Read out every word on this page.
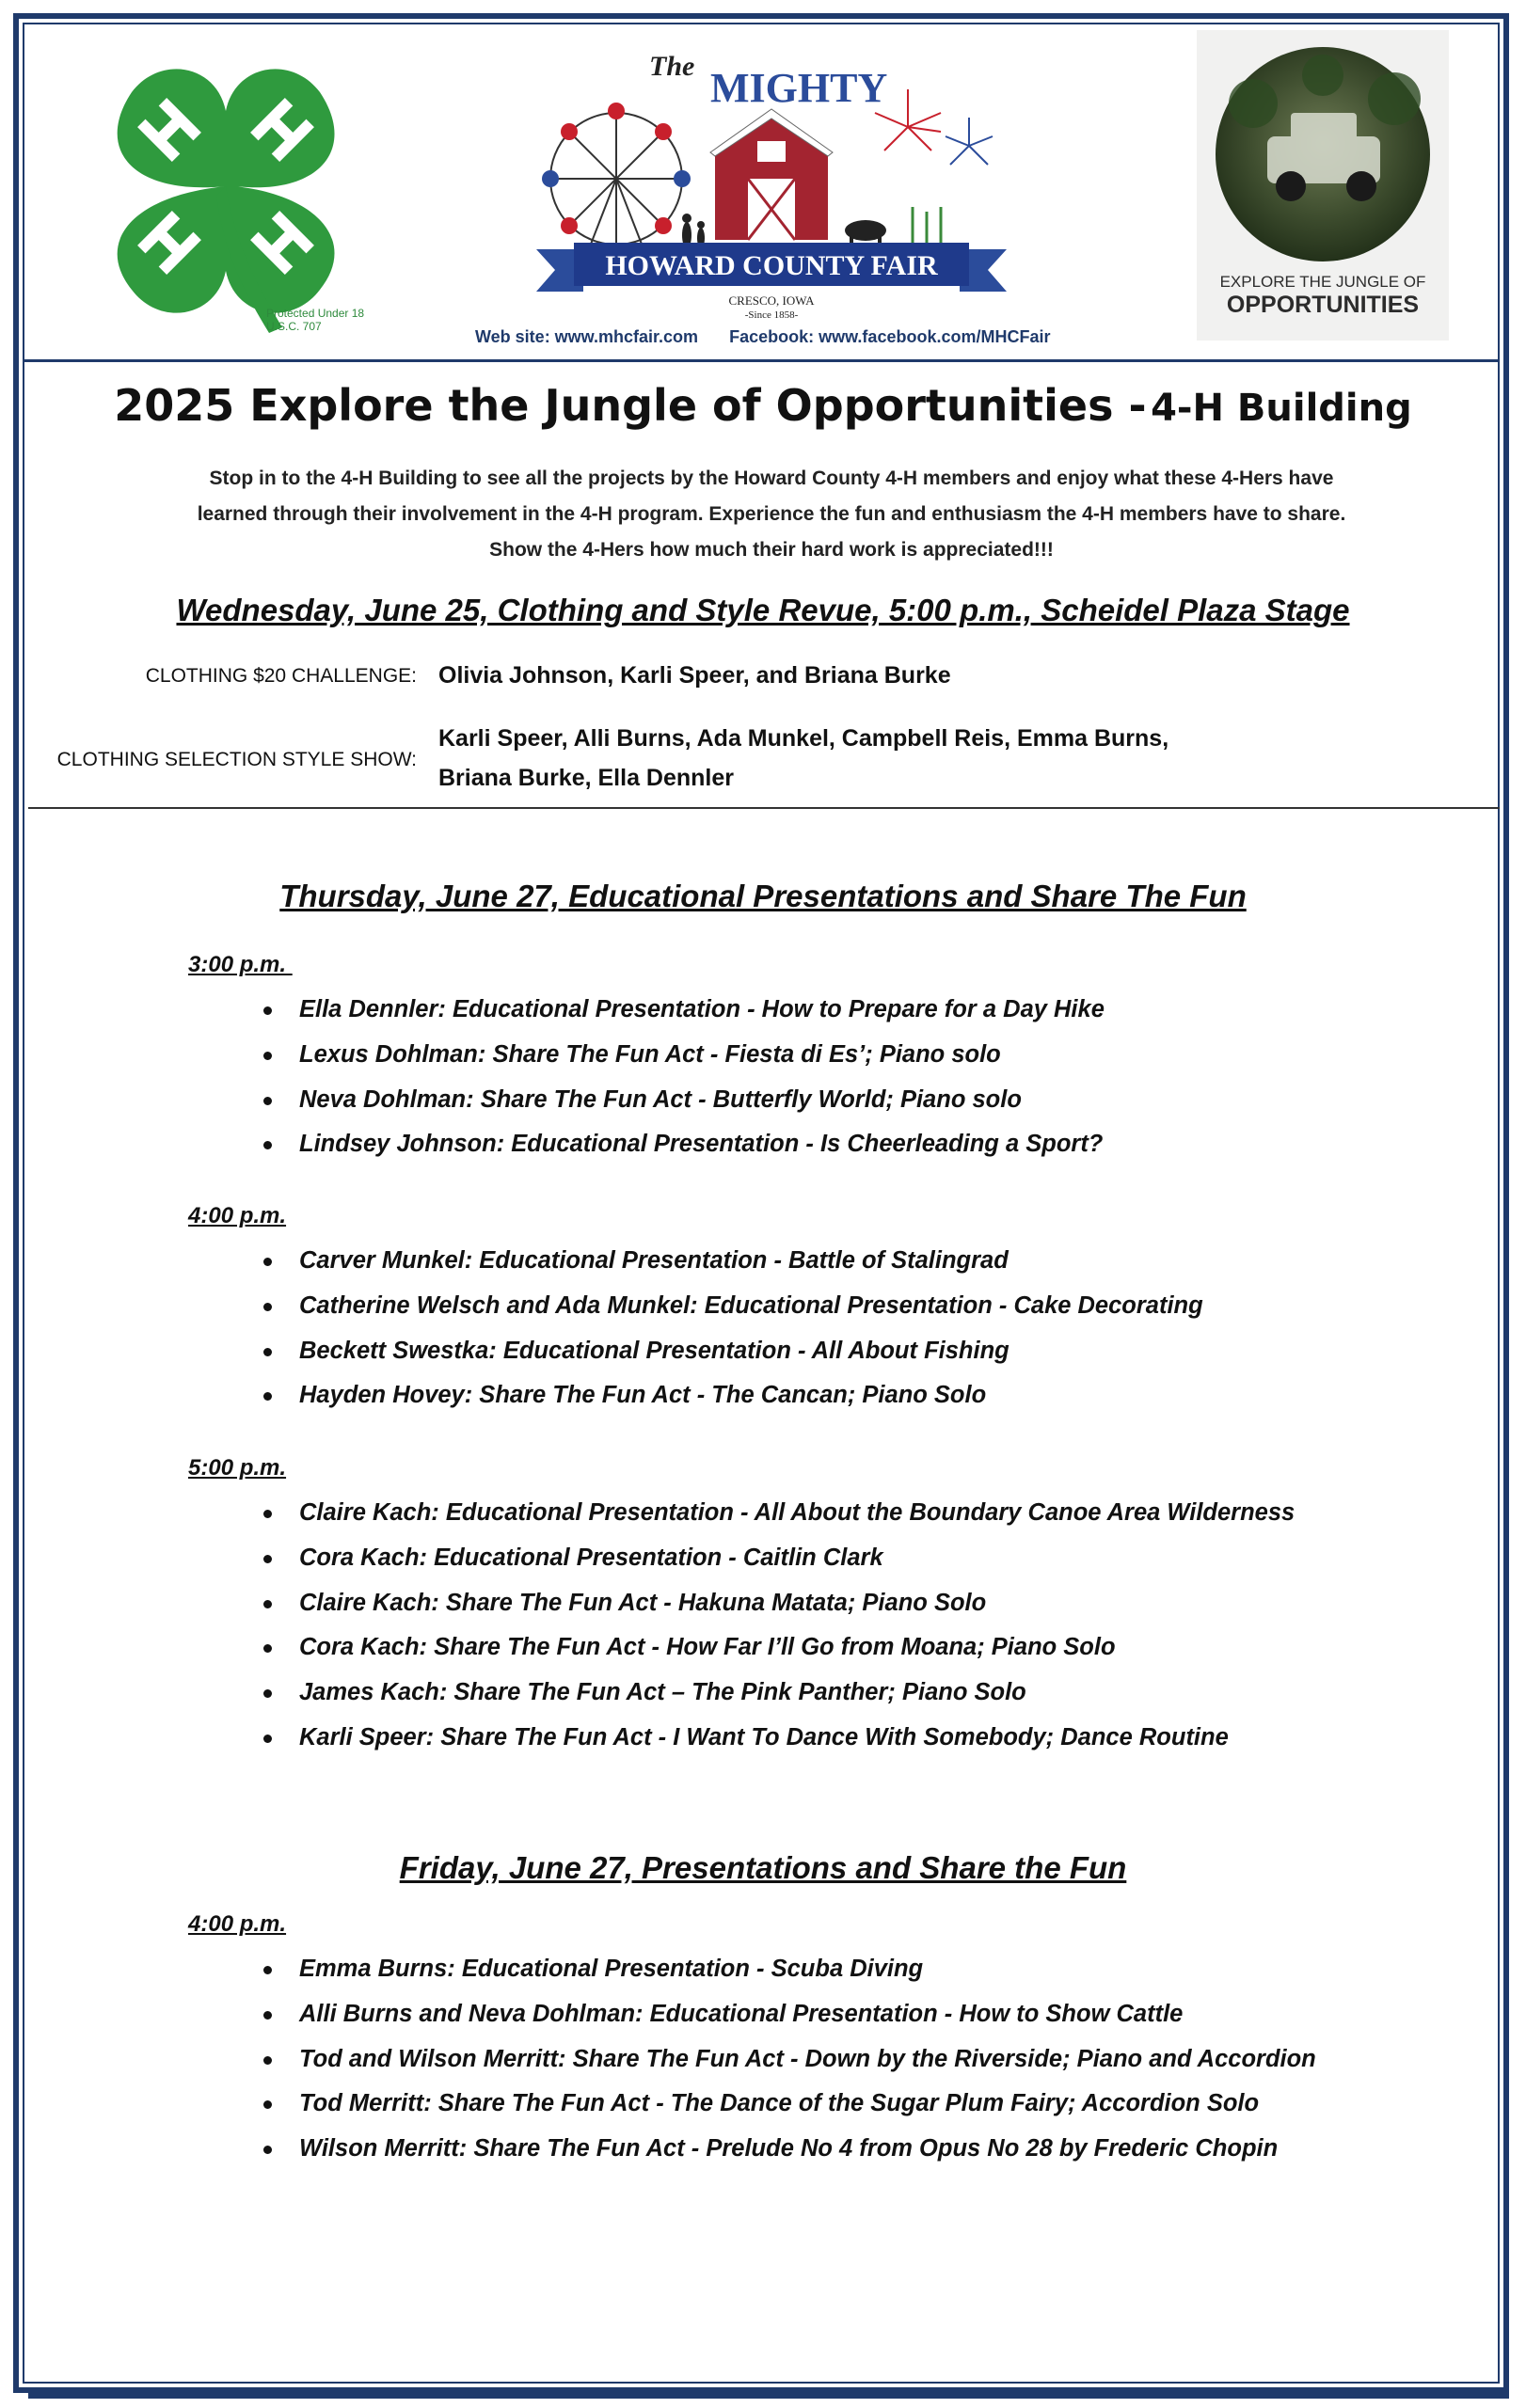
Protected Under 18 U.S.C. 707
The MIGHTY
HOWARD COUNTY FAIR
CRESCO, IOWA
-Since 1858-
EXPLORE THE JUNGLE OF
OPPORTUNITIES
Web site: www.mhcfair.com Facebook: www.facebook.com/MHCFair
2025 Explore the Jungle of Opportunities - 4-H Building
Stop in to the 4-H Building to see all the projects by the Howard County 4-H members and enjoy what these 4-Hers have
learned through their involvement in the 4-H program. Experience the fun and enthusiasm the 4-H members have to share.
Show the 4-Hers how much their hard work is appreciated!!!
Wednesday, June 25, Clothing and Style Revue, 5:00 p.m., Scheidel Plaza Stage
CLOTHING $20 CHALLENGE: Olivia Johnson, Karli Speer, and Briana Burke
CLOTHING SELECTION STYLE SHOW:
Karli Speer, Alli Burns, Ada Munkel, Campbell Reis, Emma Burns,
Briana Burke, Ella Dennler
Thursday, June 27, Educational Presentations and Share The Fun
3:00 p.m.
Ella Dennler: Educational Presentation - How to Prepare for a Day Hike
Lexus Dohlman: Share The Fun Act - Fiesta di Es’; Piano solo
Neva Dohlman: Share The Fun Act - Butterfly World; Piano solo
Lindsey Johnson: Educational Presentation - Is Cheerleading a Sport?
4:00 p.m.
Carver Munkel: Educational Presentation - Battle of Stalingrad
Catherine Welsch and Ada Munkel: Educational Presentation - Cake Decorating
Beckett Swestka: Educational Presentation - All About Fishing
Hayden Hovey: Share The Fun Act - The Cancan; Piano Solo
5:00 p.m.
Claire Kach: Educational Presentation - All About the Boundary Canoe Area Wilderness
Cora Kach: Educational Presentation - Caitlin Clark
Claire Kach: Share The Fun Act - Hakuna Matata; Piano Solo
Cora Kach: Share The Fun Act - How Far I’ll Go from Moana; Piano Solo
James Kach: Share The Fun Act – The Pink Panther; Piano Solo
Karli Speer: Share The Fun Act - I Want To Dance With Somebody; Dance Routine
Friday, June 27, Presentations and Share the Fun
4:00 p.m.
Emma Burns: Educational Presentation - Scuba Diving
Alli Burns and Neva Dohlman: Educational Presentation - How to Show Cattle
Tod and Wilson Merritt: Share The Fun Act - Down by the Riverside; Piano and Accordion
Tod Merritt: Share The Fun Act - The Dance of the Sugar Plum Fairy; Accordion Solo
Wilson Merritt: Share The Fun Act - Prelude No 4 from Opus No 28 by Frederic Chopin
